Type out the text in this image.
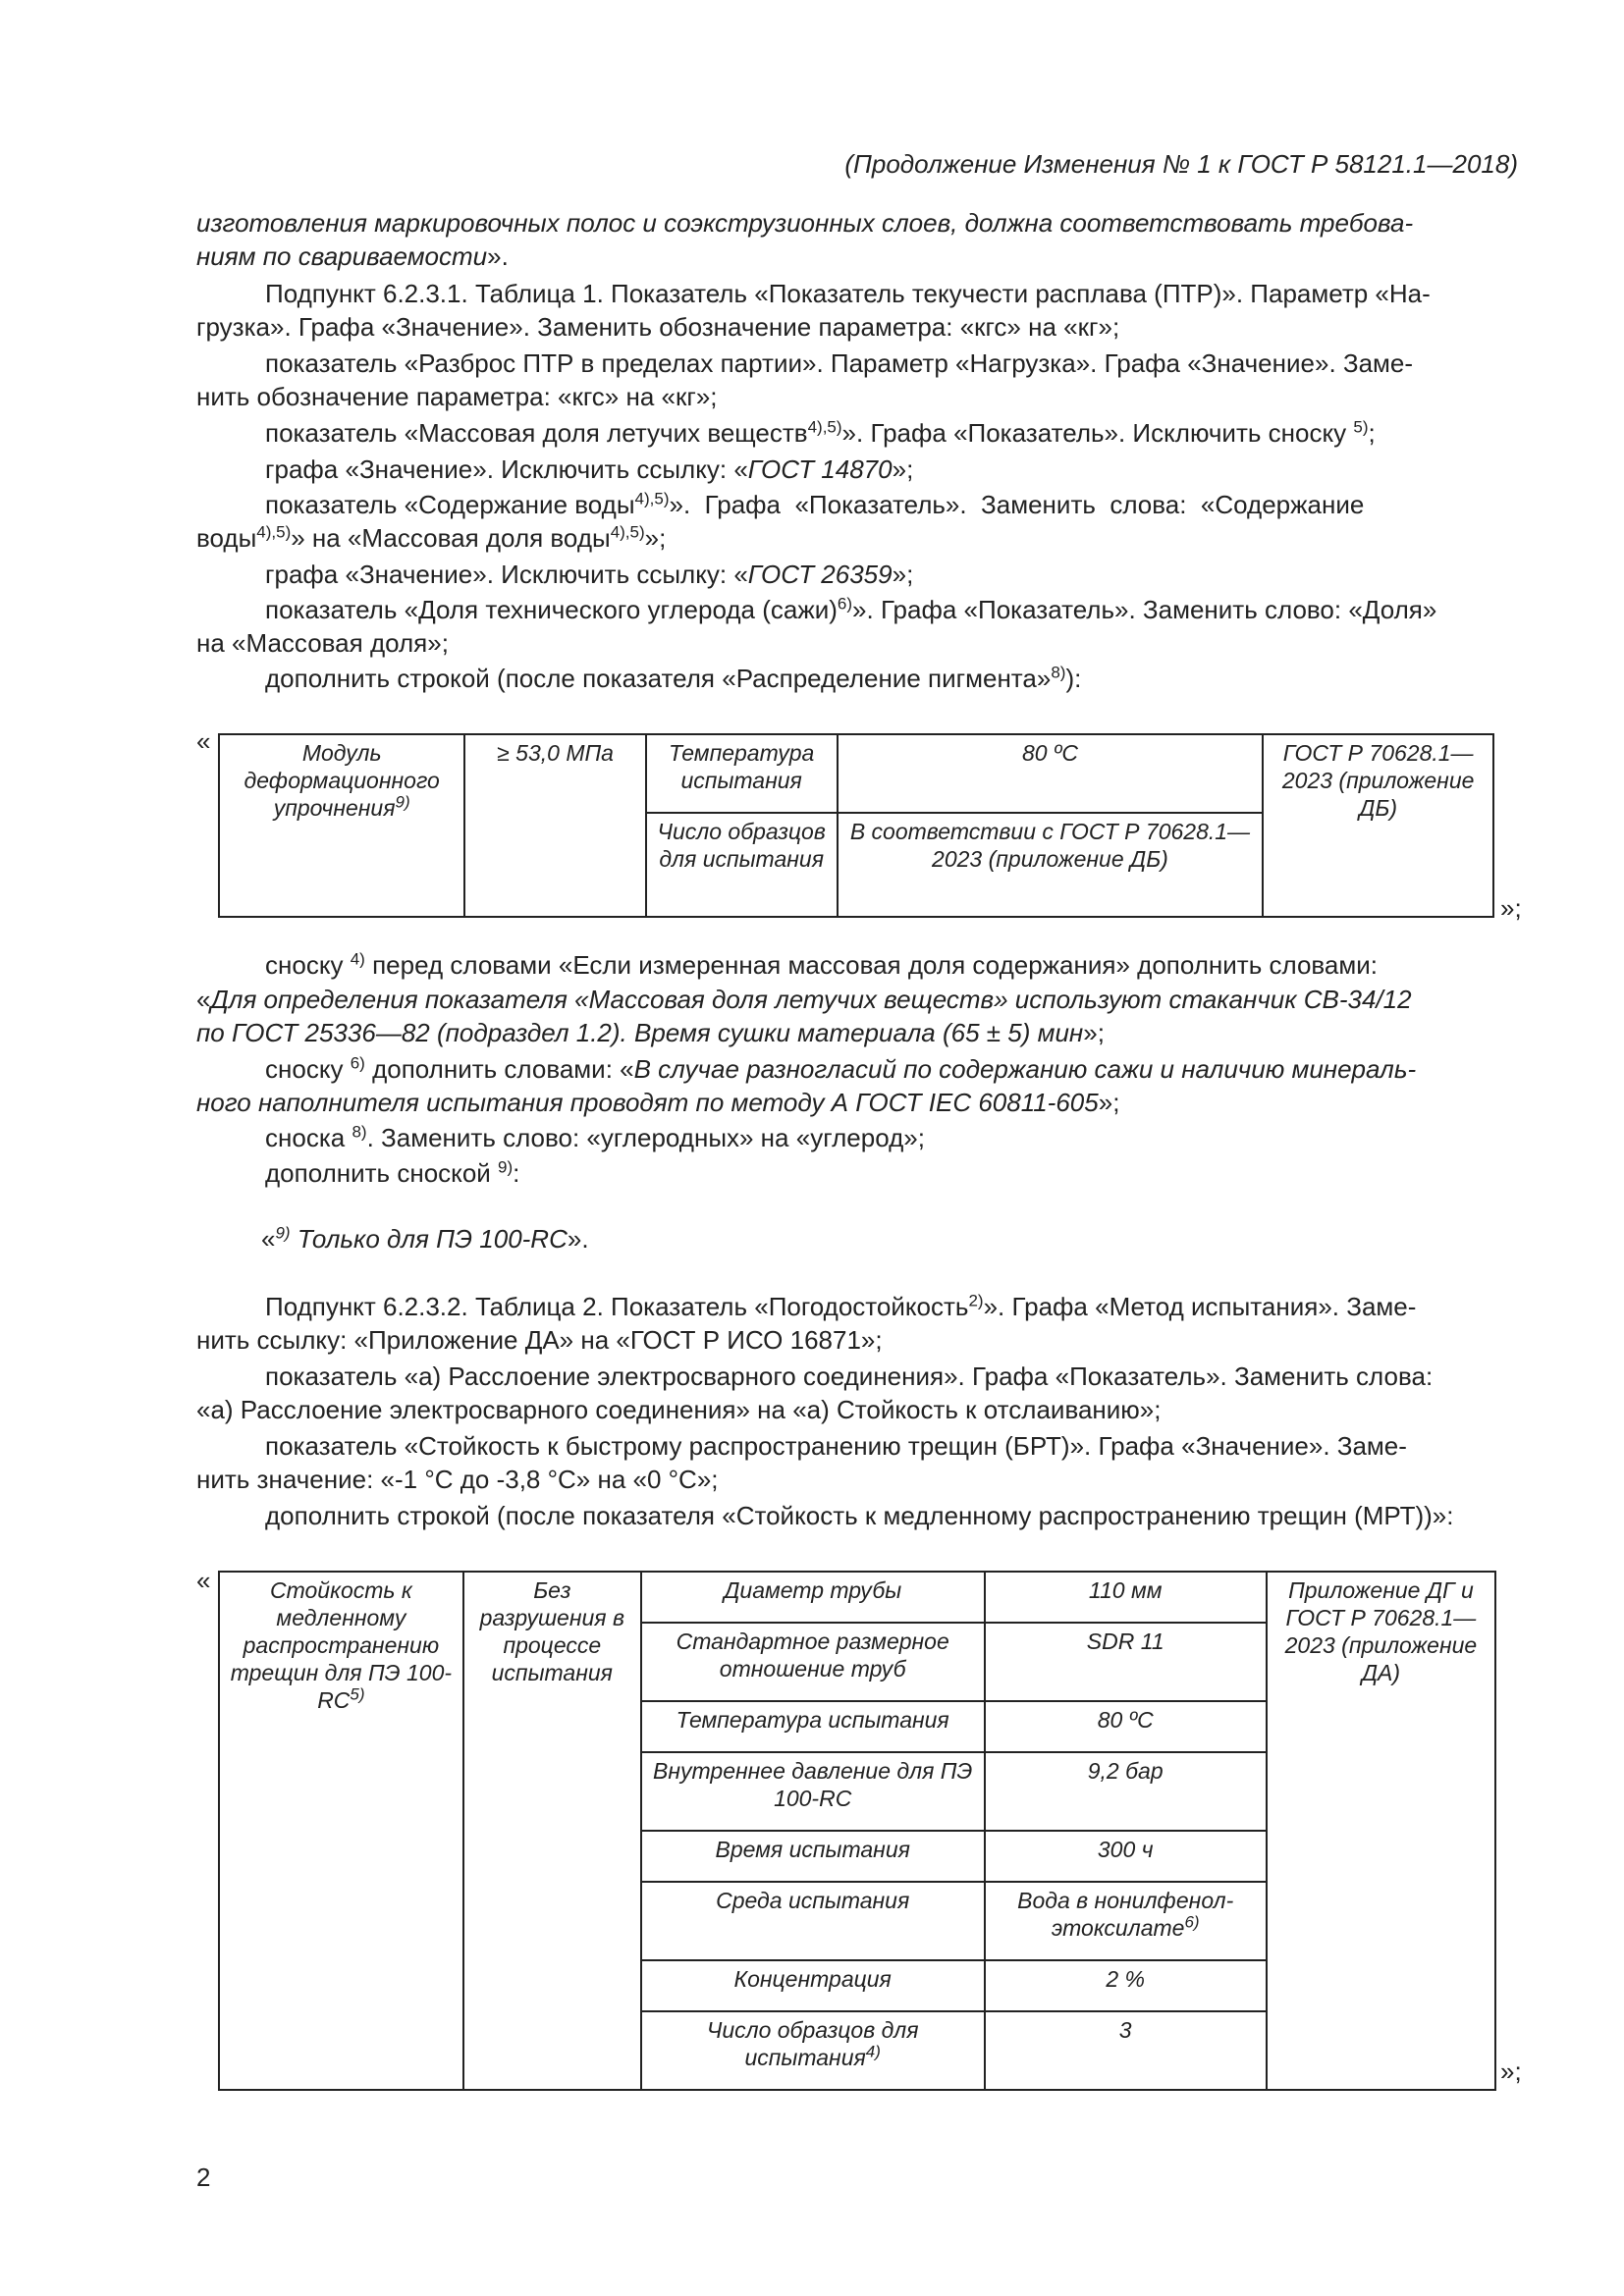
(Продолжение Изменения № 1 к ГОСТ Р 58121.1—2018)
изготовления маркировочных полос и соэкструзионных слоев, должна соответствовать требова-
ниям по свариваемости».
Подпункт 6.2.3.1. Таблица 1. Показатель «Показатель текучести расплава (ПТР)». Параметр «На-
грузка». Графа «Значение». Заменить обозначение параметра: «кгс» на «кг»;
показатель «Разброс ПТР в пределах партии». Параметр «Нагрузка». Графа «Значение». Заме-
нить обозначение параметра: «кгс» на «кг»;
показатель «Массовая доля летучих веществ$^{4),5)}$». Графа «Показатель». Исключить сноску $^{5)}$;
графа «Значение». Исключить ссылку: «ГОСТ 14870»;
показатель «Содержание воды$^{4),5)}$».  Графа  «Показатель».  Заменить  слова:  «Содержание
воды$^{4),5)}$» на «Массовая доля воды$^{4),5)}$»;
графа «Значение». Исключить ссылку: «ГОСТ 26359»;
показатель «Доля технического углерода (сажи)$^{6)}$». Графа «Показатель». Заменить слово: «Доля»
на «Массовая доля»;
дополнить строкой (после показателя «Распределение пигмента»$^{8)}$):
«	Модуль деформационного упрочнения$^{9)}$	≥ 53,0 МПа	Температура испытания	80 ºС	ГОСТ Р 70628.1—2023 (приложение ДБ)
		Число образцов для испытания	В соответствии с ГОСТ Р 70628.1—2023 (приложение ДБ)	
»;
сноску $^{4)}$ перед словами «Если измеренная массовая доля содержания» дополнить словами:
«Для определения показателя «Массовая доля летучих веществ» используют стаканчик СВ-34/12
по ГОСТ 25336—82 (подраздел 1.2). Время сушки материала (65 ± 5) мин»;
сноску $^{6)}$ дополнить словами: «В случае разногласий по содержанию сажи и наличию минераль-
ного наполнителя испытания проводят по методу А ГОСТ IEC 60811-605»;
сноска $^{8)}$. Заменить слово: «углеродных» на «углерод»;
дополнить сноской $^{9)}$:
«$^{9)}$ Только для ПЭ 100-RC».
Подпункт 6.2.3.2. Таблица 2. Показатель «Погодостойкость$^{2)}$». Графа «Метод испытания». Заме-
нить ссылку: «Приложение ДА» на «ГОСТ Р ИСО 16871»;
показатель «а) Расслоение электросварного соединения». Графа «Показатель». Заменить слова:
«а) Расслоение электросварного соединения» на «а) Стойкость к отслаиванию»;
показатель «Стойкость к быстрому распространению трещин (БРТ)». Графа «Значение». Заме-
нить значение: «-1 °С до -3,8 °С» на «0 °С»;
дополнить строкой (после показателя «Стойкость к медленному распространению трещин (МРТ))»:
«	Стойкость к медленному распространению трещин для ПЭ 100-RC$^{5)}$	Без разрушения в процессе испытания	Диаметр трубы	110 мм	Приложение ДГ и ГОСТ Р 70628.1—2023 (приложение ДА)
		Стандартное размерное отношение труб	SDR 11	
		Температура испытания	80 ºС	
		Внутреннее давление для ПЭ 100-RC	9,2 бар	
		Время испытания	300 ч	
		Среда испытания	Вода в нонилфенол-этоксилате$^{6)}$
		Концентрация	2 %	
		Число образцов для испытания$^{4)}$	3	
»;
2
